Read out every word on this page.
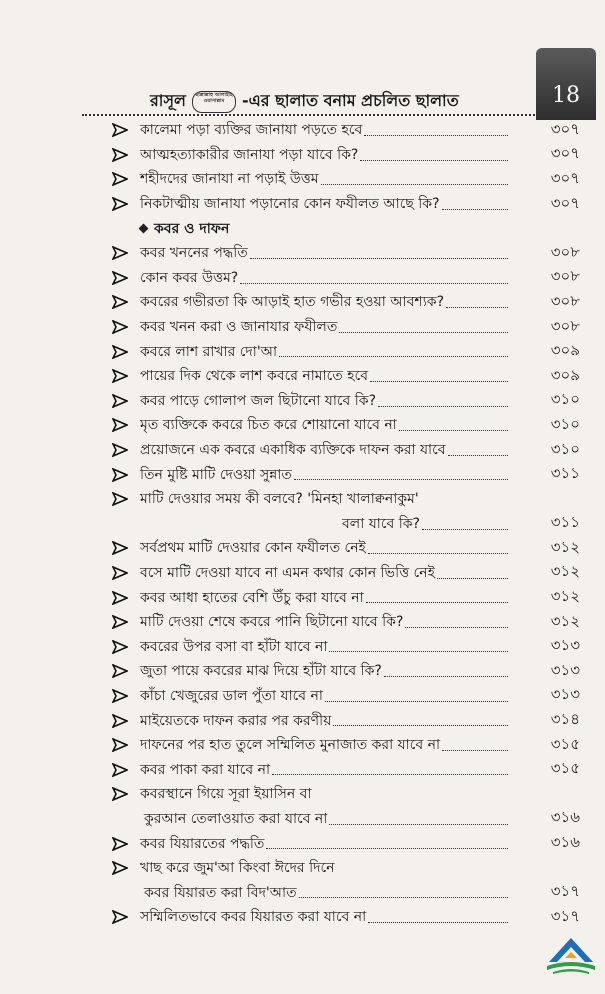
18
রাসূল	ছাল্লাল্লাহু আলাইহি ওয়াসাল্লাম	-এর ছালাত বনাম প্রচলিত ছালাত
কালেমা পড়া ব্যক্তির জানাযা পড়তে হবে	৩০৭
আত্মহত্যাকারীর জানাযা পড়া যাবে কি?	৩০৭
শহীদদের জানাযা না পড়াই উত্তম	৩০৭
নিকটাত্মীয় জানাযা পড়ানোর কোন ফযীলত আছে কি?	৩০৭
কবর ও দাফন
কবর খননের পদ্ধতি	৩০৮
কোন কবর উত্তম?	৩০৮
কবরের গভীরতা কি আড়াই হাত গভীর হওয়া আবশ্যক?	৩০৮
কবর খনন করা ও জানাযার ফযীলত	৩০৮
কবরে লাশ রাখার দো'আ	৩০৯
পায়ের দিক থেকে লাশ কবরে নামাতে হবে	৩০৯
কবর পাড়ে গোলাপ জল ছিটানো যাবে কি?	৩১০
মৃত ব্যক্তিকে কবরে চিত করে শোয়ানো যাবে না	৩১০
প্রয়োজনে এক কবরে একাধিক ব্যক্তিকে দাফন করা যাবে	৩১০
তিন মুষ্টি মাটি দেওয়া সুন্নাত	৩১১
মাটি দেওয়ার সময় কী বলবে? 'মিনহা খালাক্বনাকুম'
বলা যাবে কি?	৩১১
সর্বপ্রথম মাটি দেওয়ার কোন ফযীলত নেই	৩১২
বসে মাটি দেওয়া যাবে না এমন কথার কোন ভিত্তি নেই	৩১২
কবর আধা হাতের বেশি উঁচু করা যাবে না	৩১২
মাটি দেওয়া শেষে কবরে পানি ছিটানো যাবে কি?	৩১২
কবরের উপর বসা বা হাঁটা যাবে না	৩১৩
জুতা পায়ে কবরের মাঝ দিয়ে হাঁটা যাবে কি?	৩১৩
কাঁচা খেজুরের ডাল পুঁতা যাবে না	৩১৩
মাইয়েতকে দাফন করার পর করণীয়	৩১৪
দাফনের পর হাত তুলে সম্মিলিত মুনাজাত করা যাবে না	৩১৫
কবর পাকা করা যাবে না	৩১৫
কবরস্থানে গিয়ে সূরা ইয়াসিন বা
কুরআন তেলাওয়াত করা যাবে না	৩১৬
কবর যিয়ারতের পদ্ধতি	৩১৬
খাছ করে জুম'আ কিংবা ঈদের দিনে
কবর যিয়ারত করা বিদ'আত	৩১৭
সম্মিলিতভাবে কবর যিয়ারত করা যাবে না	৩১৭
